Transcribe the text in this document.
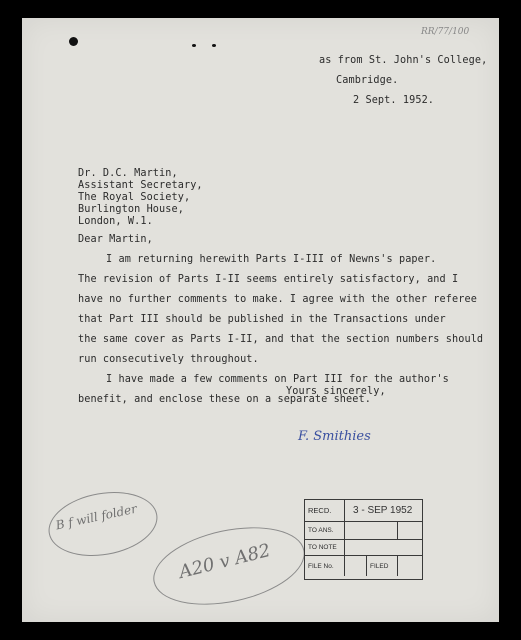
RR/77/100
as from St. John's College,
Cambridge.
2 Sept. 1952.
Dr. D.C. Martin,
Assistant Secretary,
The Royal Society,
Burlington House,
London, W.1.
Dear Martin,
I am returning herewith Parts I-III of Newns's paper.
The revision of Parts I-II seems entirely satisfactory, and I
have no further comments to make. I agree with the other referee
that Part III should be published in the Transactions under
the same cover as Parts I-II, and that the section numbers should
run consecutively throughout.
I have made a few comments on Part III for the author's
benefit, and enclose these on a separate sheet.
Yours sincerely,
F. Smithies
B f will folder
A20 v A82
RECD.	3 - SEP 1952
TO ANS.
TO NOTE
FILE No.	FILED
